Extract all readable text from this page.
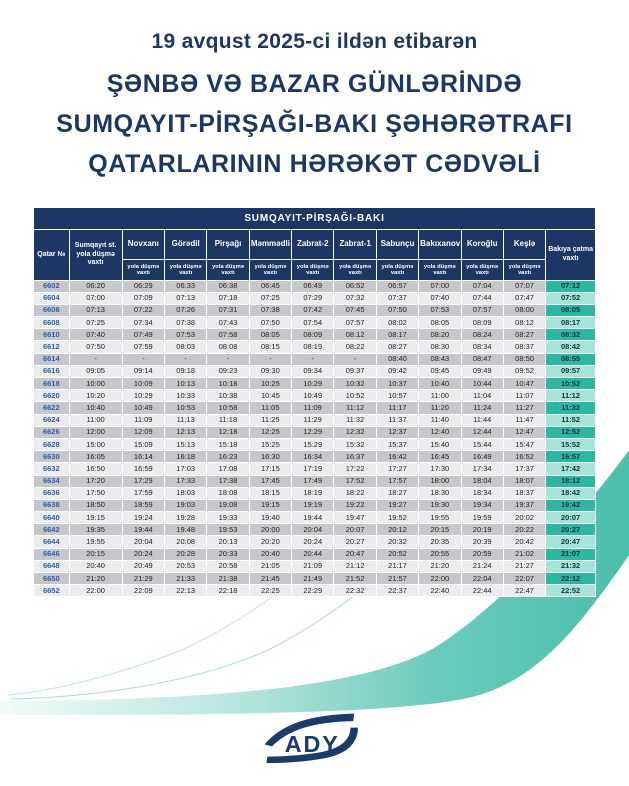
19 avqust 2025-ci ildən etibarən
ŞƏNBƏ VƏ BAZAR GÜNLƏRİNDƏ
SUMQAYIT-PİRŞAĞI-BAKI ŞƏHƏRƏTRAFI
QATARLARININ HƏRƏKƏT CƏDVƏLİ
SUMQAYIT-PİRŞAĞI-BAKI												
Qatar №	Sumqayıt st. yola düşmə vaxtı	Novxanı	Görədil	Pirşağı	Məmmədli	Zabrat-2	Zabrat-1	Sabunçu	Bakıxanov	Koroğlu	Keşlə	Bakıya çatma vaxtı
		yola düşmə vaxtı	yola düşmə vaxtı	yola düşmə vaxtı	yola düşmə vaxtı	yola düşmə vaxtı	yola düşmə vaxtı	yola düşmə vaxtı	yola düşmə vaxtı	yola düşmə vaxtı	yola düşmə vaxtı	
6602	06:20	06:29	06:33	06:38	06:45	06:49	06:52	06:57	07:00	07:04	07:07	07:12
6604	07:00	07:09	07:13	07:18	07:25	07:29	07:32	07:37	07:40	07:44	07:47	07:52
6606	07:13	07:22	07:26	07:31	07:38	07:42	07:45	07:50	07:53	07:57	08:00	08:05
6608	07:25	07:34	07:38	07:43	07:50	07:54	07:57	08:02	08:05	08:09	08:12	08:17
6610	07:40	07:49	07:53	07:58	08:05	08:09	08:12	08:17	08:20	08:24	08:27	08:32
6612	07:50	07:59	08:03	08:08	08:15	08:19	08:22	08:27	08:30	08:34	08:37	08:42
6614	-	-	-	-	-	-	-	08:40	08:43	08:47	08:50	08:55
6616	09:05	09:14	09:18	09:23	09:30	09:34	09:37	09:42	09:45	09:49	09:52	09:57
6618	10:00	10:09	10:13	10:18	10:25	10:29	10:32	10:37	10:40	10:44	10:47	10:52
6620	10:20	10:29	10:33	10:38	10:45	10:49	10:52	10:57	11:00	11:04	11:07	11:12
6622	10:40	10:49	10:53	10:58	11:05	11:09	11:12	11:17	11:20	11:24	11:27	11:32
6624	11:00	11:09	11:13	11:18	11:25	11:29	11:32	11:37	11:40	11:44	11:47	11:52
6626	12:00	12:09	12:13	12:18	12:25	12:29	12:32	12:37	12:40	12:44	12:47	12:52
6628	15:00	15:09	15:13	15:18	15:25	15:29	15:32	15:37	15:40	15:44	15:47	15:52
6630	16:05	16:14	16:18	16:23	16:30	16:34	16:37	16:42	16:45	16:49	16:52	16:57
6632	16:50	16:59	17:03	17:08	17:15	17:19	17:22	17:27	17:30	17:34	17:37	17:42
6634	17:20	17:29	17:33	17:38	17:45	17:49	17:52	17:57	18:00	18:04	18:07	18:12
6636	17:50	17:59	18:03	18:08	18:15	18:19	18:22	18:27	18:30	18:34	18:37	18:42
6638	18:50	18:59	19:03	19:08	19:15	19:19	19:22	19:27	19:30	19:34	19:37	19:42
6640	19:15	19:24	19:28	19:33	19:40	19:44	19:47	19:52	19:55	19:59	20:02	20:07
6642	19:35	19:44	19:48	19:53	20:00	20:04	20:07	20:12	20:15	20:19	20:22	20:27
6644	19:55	20:04	20:08	20:13	20:20	20:24	20:27	20:32	20:35	20:39	20:42	20:47
6646	20:15	20:24	20:28	20:33	20:40	20:44	20:47	20:52	20:55	20:59	21:02	21:07
6648	20:40	20:49	20:53	20:58	21:05	21:09	21:12	21:17	21:20	21:24	21:27	21:32
6650	21:20	21:29	21:33	21:38	21:45	21:49	21:52	21:57	22:00	22:04	22:07	22:12
6652	22:00	22:09	22:13	22:18	22:25	22:29	22:32	22:37	22:40	22:44	22:47	22:52
ADY
